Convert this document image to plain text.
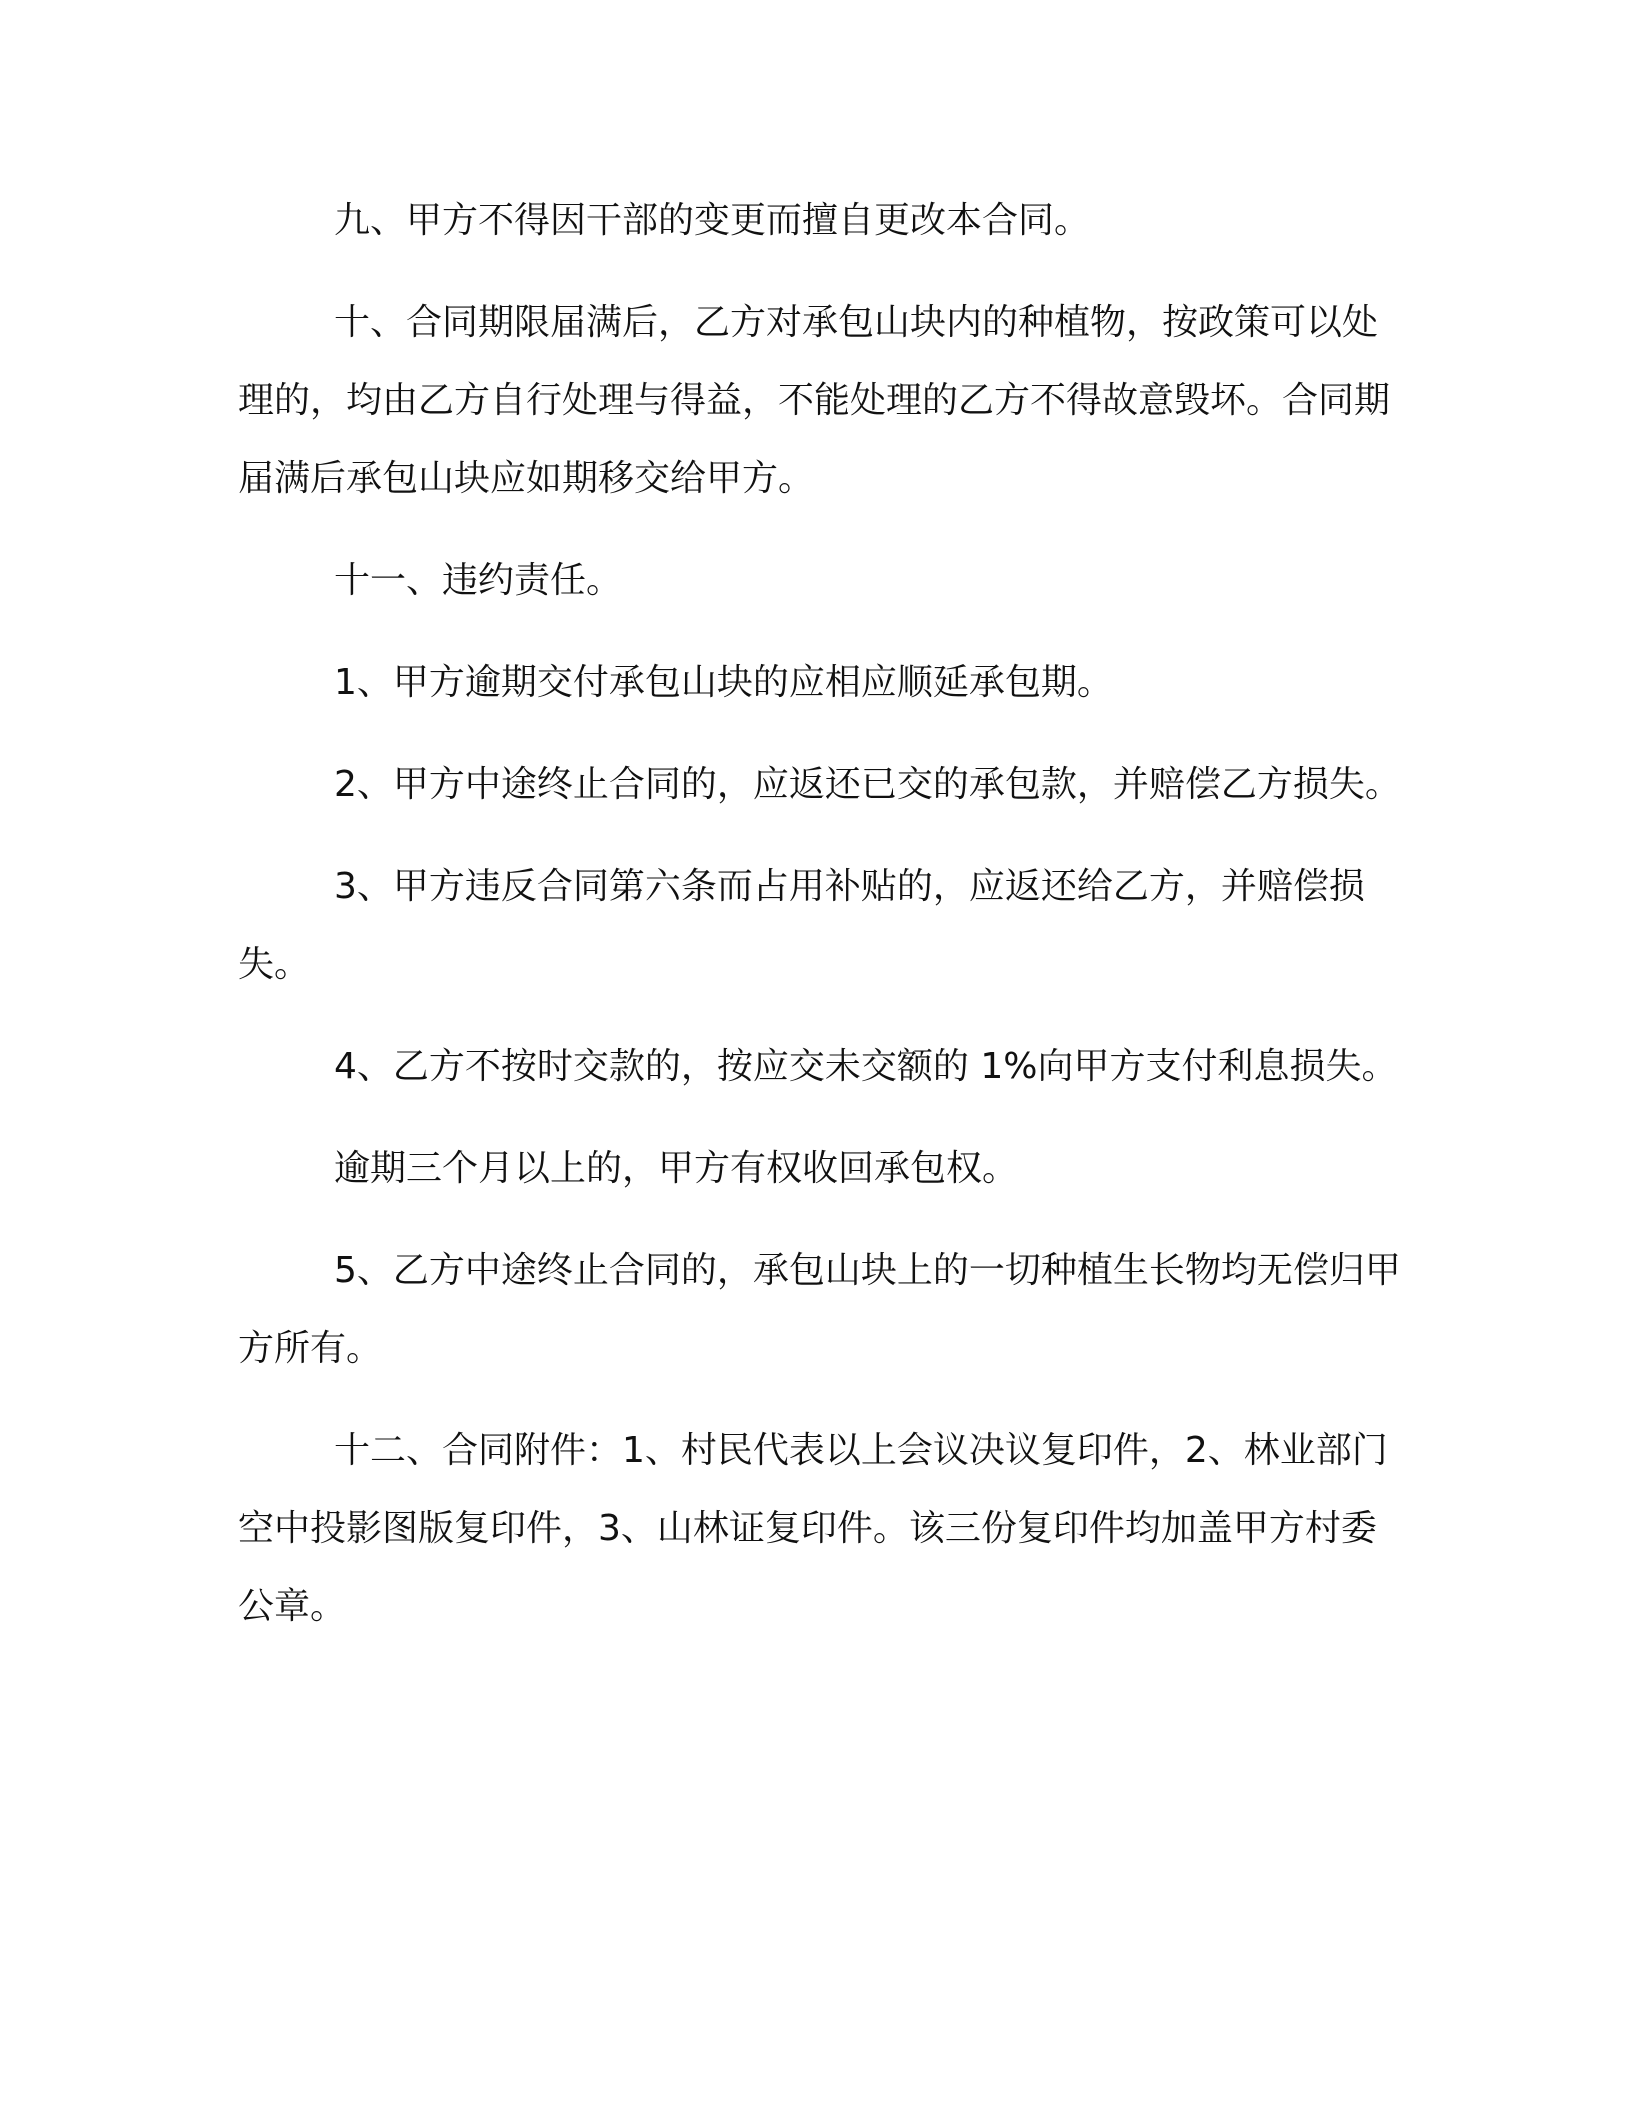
九、甲方不得因干部的变更而擅自更改本合同。

十、合同期限届满后，乙方对承包山块内的种植物，按政策可以处理的，均由乙方自行处理与得益，不能处理的乙方不得故意毁坏。合同期届满后承包山块应如期移交给甲方。

十一、违约责任。

1、甲方逾期交付承包山块的应相应顺延承包期。

2、甲方中途终止合同的，应返还已交的承包款，并赔偿乙方损失。

3、甲方违反合同第六条而占用补贴的，应返还给乙方，并赔偿损失。

4、乙方不按时交款的，按应交未交额的 1%向甲方支付利息损失。

逾期三个月以上的，甲方有权收回承包权。

5、乙方中途终止合同的，承包山块上的一切种植生长物均无偿归甲方所有。

十二、合同附件：1、村民代表以上会议决议复印件，2、林业部门空中投影图版复印件，3、山林证复印件。该三份复印件均加盖甲方村委公章。
